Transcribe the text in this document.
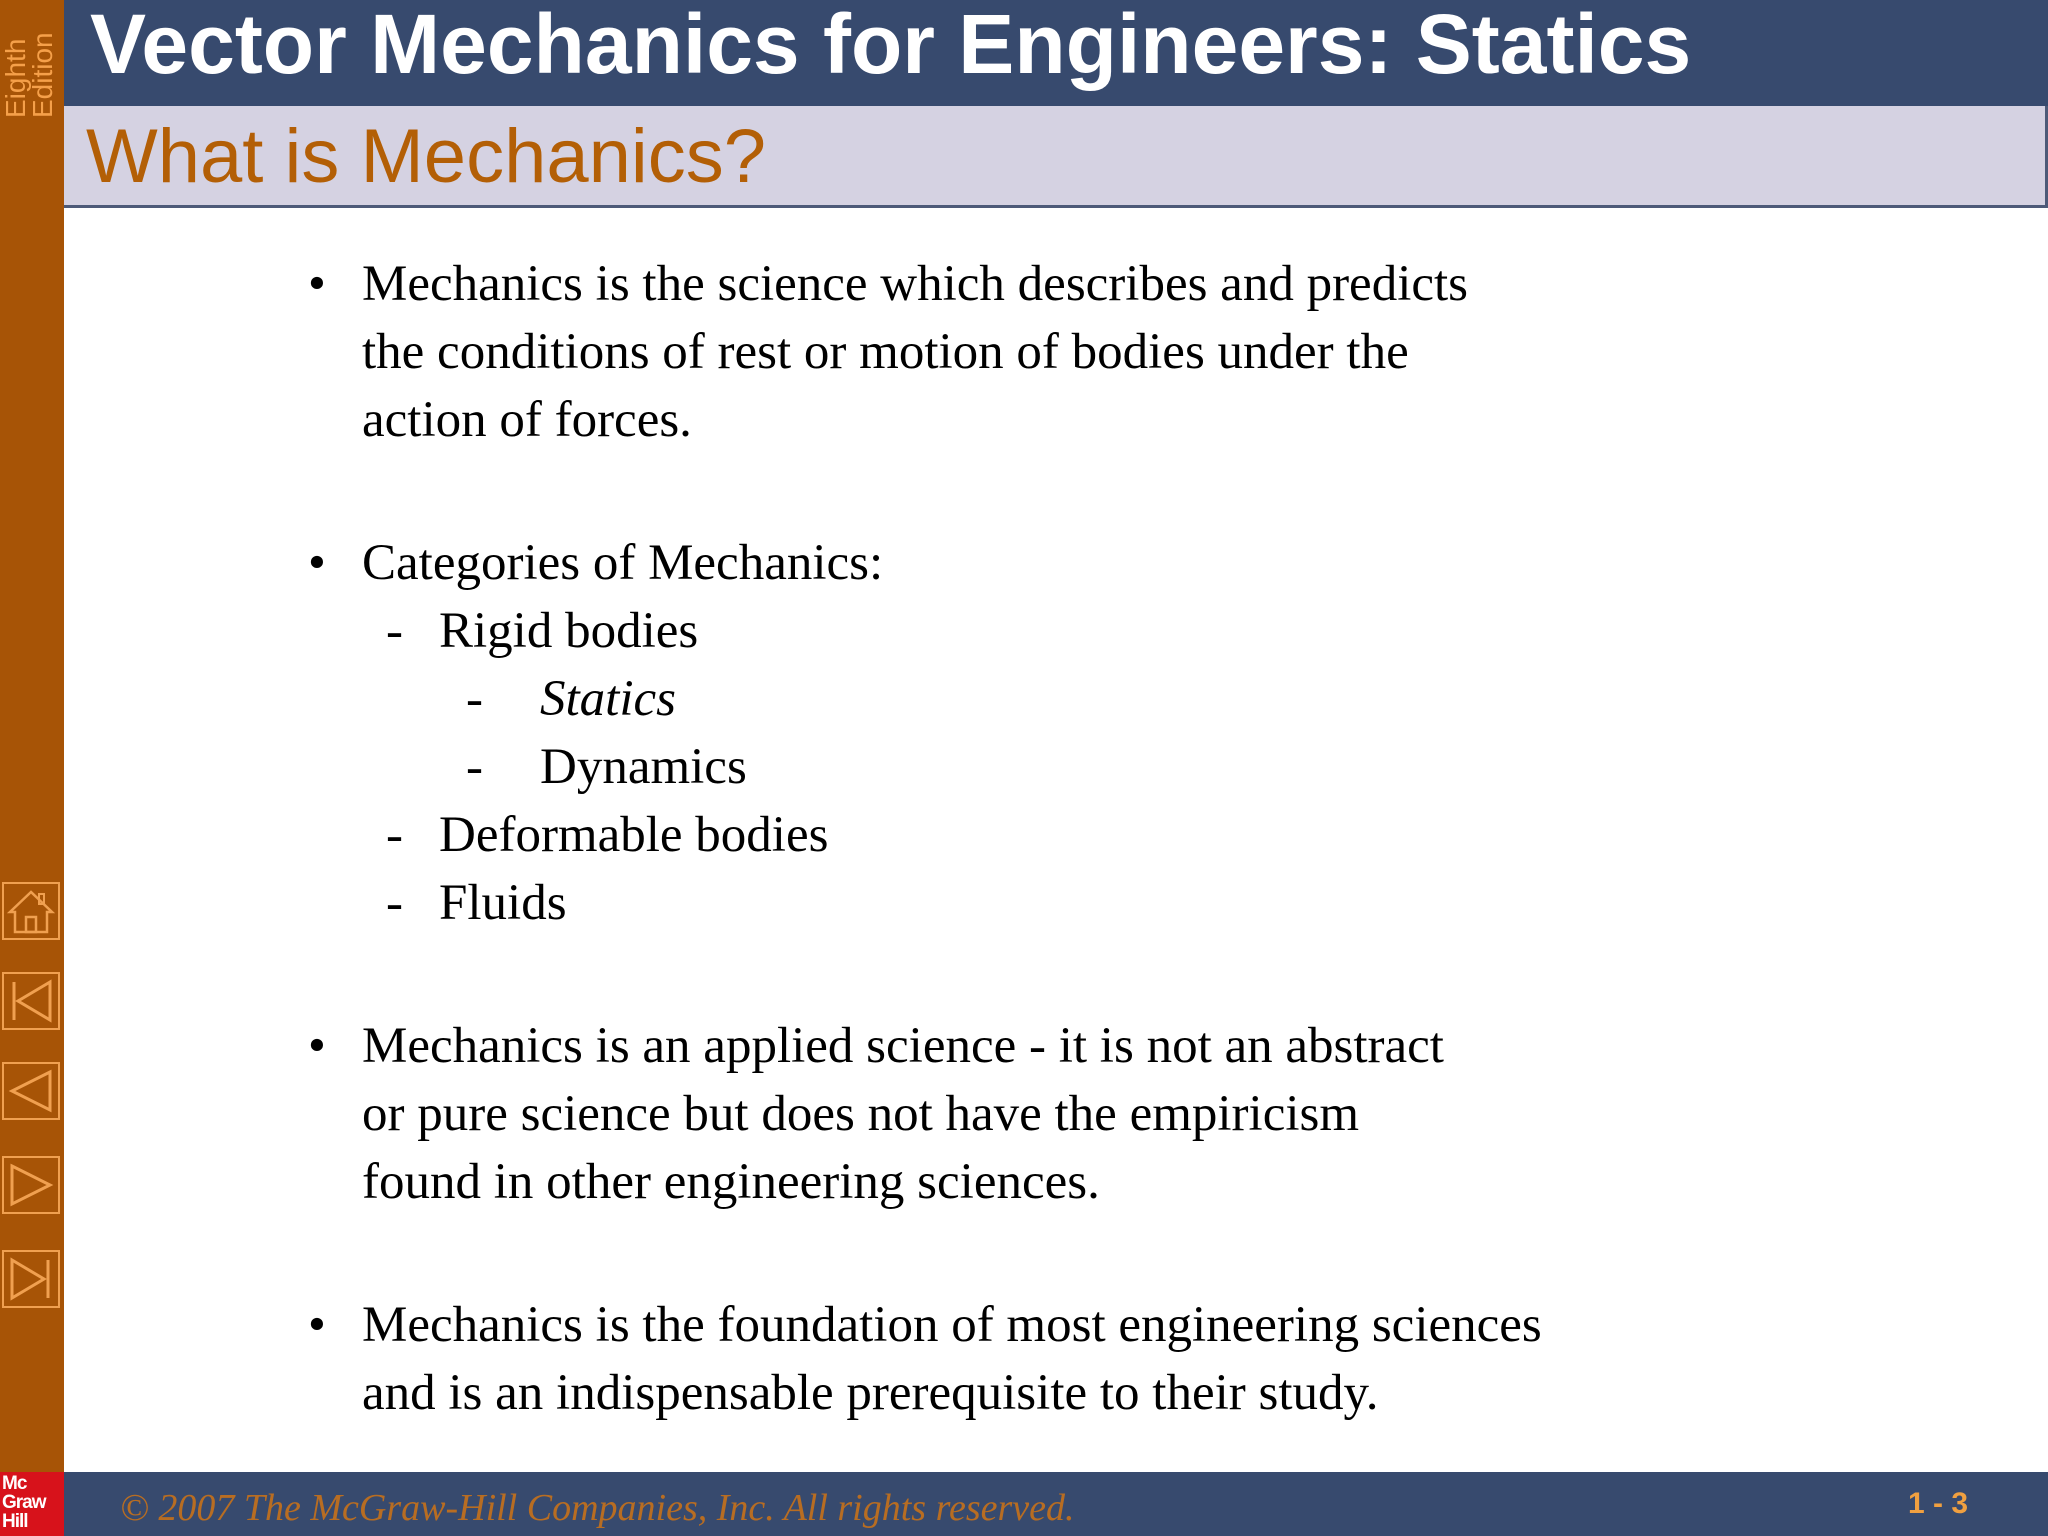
Eighth
Edition
Mc
Graw
Hill
Vector Mechanics for Engineers: Statics
What is Mechanics?
• Mechanics is the science which describes and predicts
the conditions of rest or motion of bodies under the
action of forces.
• Categories of Mechanics:
- Rigid bodies
- Statics
- Dynamics
- Deformable bodies
- Fluids
• Mechanics is an applied science - it is not an abstract
or pure science but does not have the empiricism
found in other engineering sciences.
• Mechanics is the foundation of most engineering sciences
and is an indispensable prerequisite to their study.
© 2007 The McGraw-Hill Companies, Inc. All rights reserved.	1 - 3
